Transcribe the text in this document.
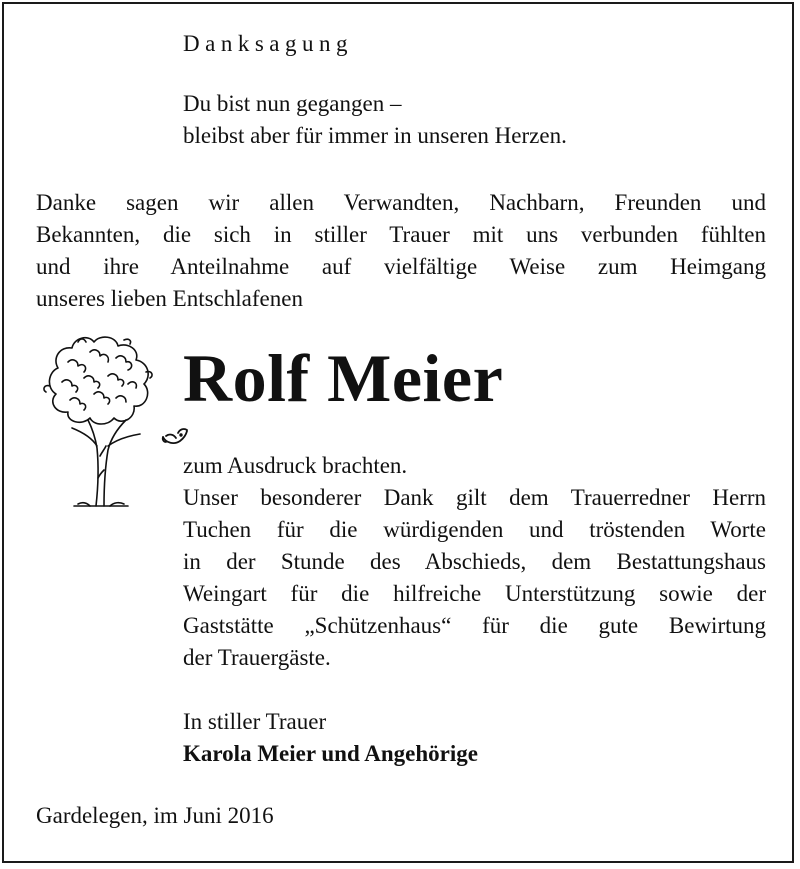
Danksagung
Du bist nun gegangen –
bleibst aber für immer in unseren Herzen.
Danke sagen wir allen Verwandten, Nachbarn, Freunden und
Bekannten, die sich in stiller Trauer mit uns verbunden fühlten
und ihre Anteilnahme auf vielfältige Weise zum Heimgang
unseres lieben Entschlafenen
Rolf Meier
zum Ausdruck brachten.
Unser besonderer Dank gilt dem Trauerredner Herrn
Tuchen für die würdigenden und tröstenden Worte
in der Stunde des Abschieds, dem Bestattungshaus
Weingart für die hilfreiche Unterstützung sowie der
Gaststätte „Schützenhaus“ für die gute Bewirtung
der Trauergäste.
In stiller Trauer
Karola Meier und Angehörige
Gardelegen, im Juni 2016
